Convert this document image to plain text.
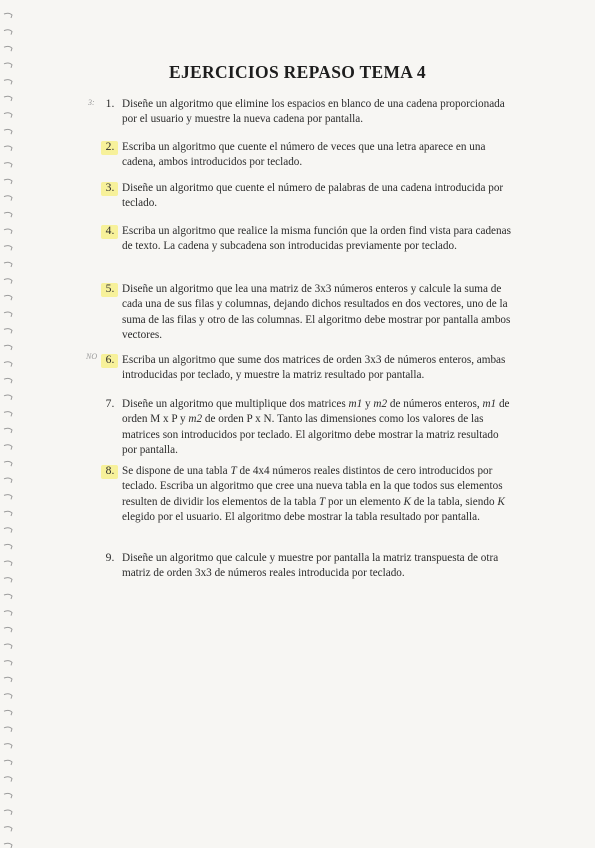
EJERCICIOS REPASO TEMA 4
3:
NO
1.
2.
3.
4.
5.
6.
7.
8.
9.
Diseñe un algoritmo que elimine los espacios en blanco de una cadena proporcionada por el usuario y muestre la nueva cadena por pantalla.
Escriba un algoritmo que cuente el número de veces que una letra aparece en una cadena, ambos introducidos por teclado.
Diseñe un algoritmo que cuente el número de palabras de una cadena introducida por teclado.
Escriba un algoritmo que realice la misma función que la orden find vista para cadenas de texto. La cadena y subcadena son introducidas previamente por teclado.
Diseñe un algoritmo que lea una matriz de 3x3 números enteros y calcule la suma de cada una de sus filas y columnas, dejando dichos resultados en dos vectores, uno de la suma de las filas y otro de las columnas. El algoritmo debe mostrar por pantalla ambos vectores.
Escriba un algoritmo que sume dos matrices de orden 3x3 de números enteros, ambas introducidas por teclado, y muestre la matriz resultado por pantalla.
Diseñe un algoritmo que multiplique dos matrices m1 y m2 de números enteros, m1 de orden M x P y m2 de orden P x N. Tanto las dimensiones como los valores de las matrices son introducidos por teclado. El algoritmo debe mostrar la matriz resultado por pantalla.
Se dispone de una tabla T de 4x4 números reales distintos de cero introducidos por teclado. Escriba un algoritmo que cree una nueva tabla en la que todos sus elementos resulten de dividir los elementos de la tabla T por un elemento K de la tabla, siendo K elegido por el usuario. El algoritmo debe mostrar la tabla resultado por pantalla.
Diseñe un algoritmo que calcule y muestre por pantalla la matriz transpuesta de otra matriz de orden 3x3 de números reales introducida por teclado.
